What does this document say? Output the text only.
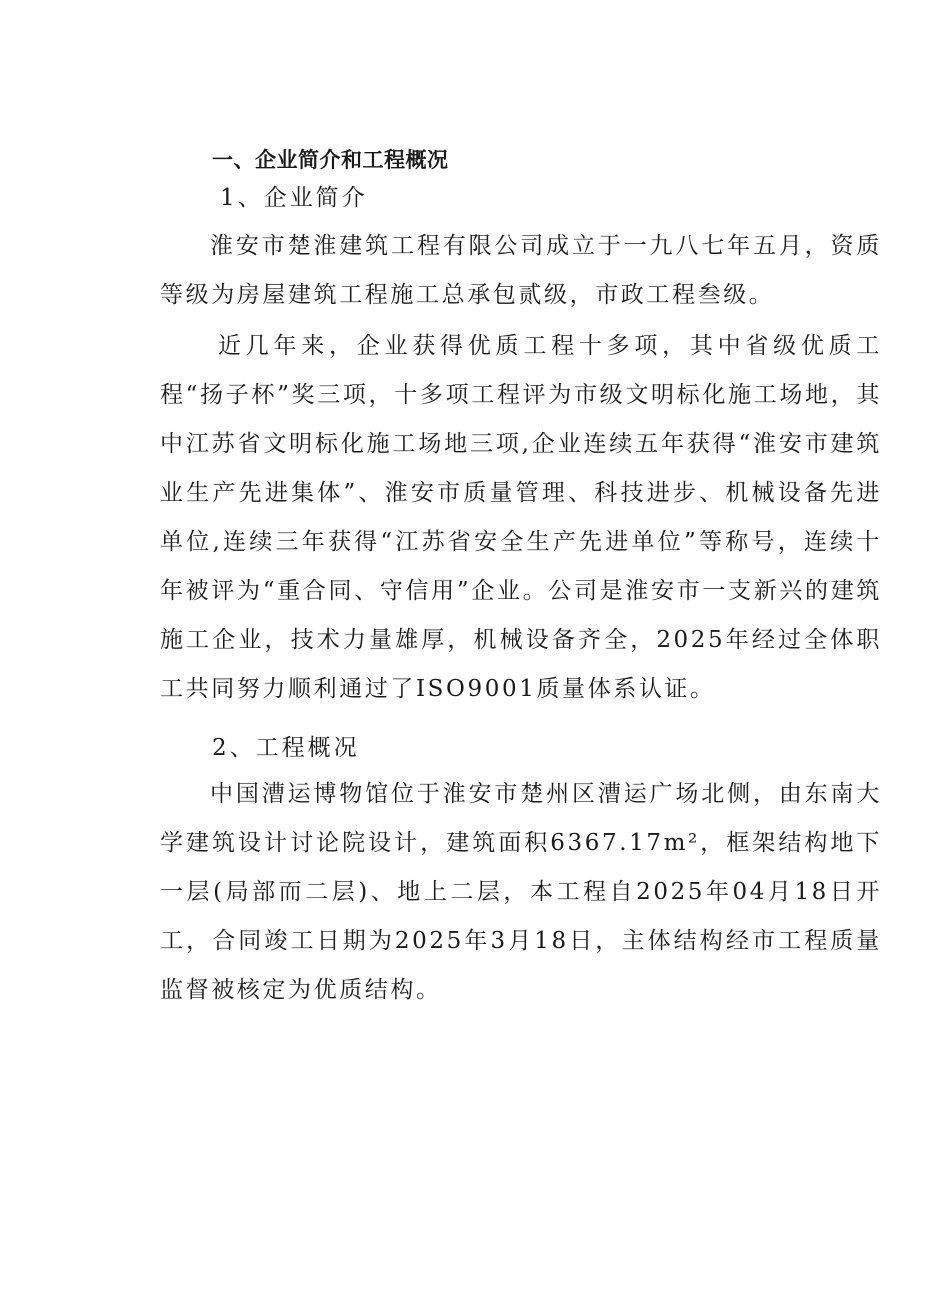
一、企业简介和工程概况
1、企业简介

淮安市楚淮建筑工程有限公司成立于一九八七年五月，资质等级为房屋建筑工程施工总承包贰级，市政工程叁级。

近几年来，企业获得优质工程十多项，其中省级优质工程“扬子杯”奖三项，十多项工程评为市级文明标化施工场地，其中江苏省文明标化施工场地三项,企业连续五年获得“淮安市建筑业生产先进集体”、淮安市质量管理、科技进步、机械设备先进单位,连续三年获得“江苏省安全生产先进单位”等称号，连续十年被评为“重合同、守信用”企业。公司是淮安市一支新兴的建筑施工企业，技术力量雄厚，机械设备齐全，2025年经过全体职工共同努力顺利通过了ISO9001质量体系认证。

2、工程概况

中国漕运博物馆位于淮安市楚州区漕运广场北侧，由东南大学建筑设计讨论院设计，建筑面积6367.17m²，框架结构地下一层(局部而二层)、地上二层，本工程自2025年04月18日开工，合同竣工日期为2025年3月18日，主体结构经市工程质量监督被核定为优质结构。
